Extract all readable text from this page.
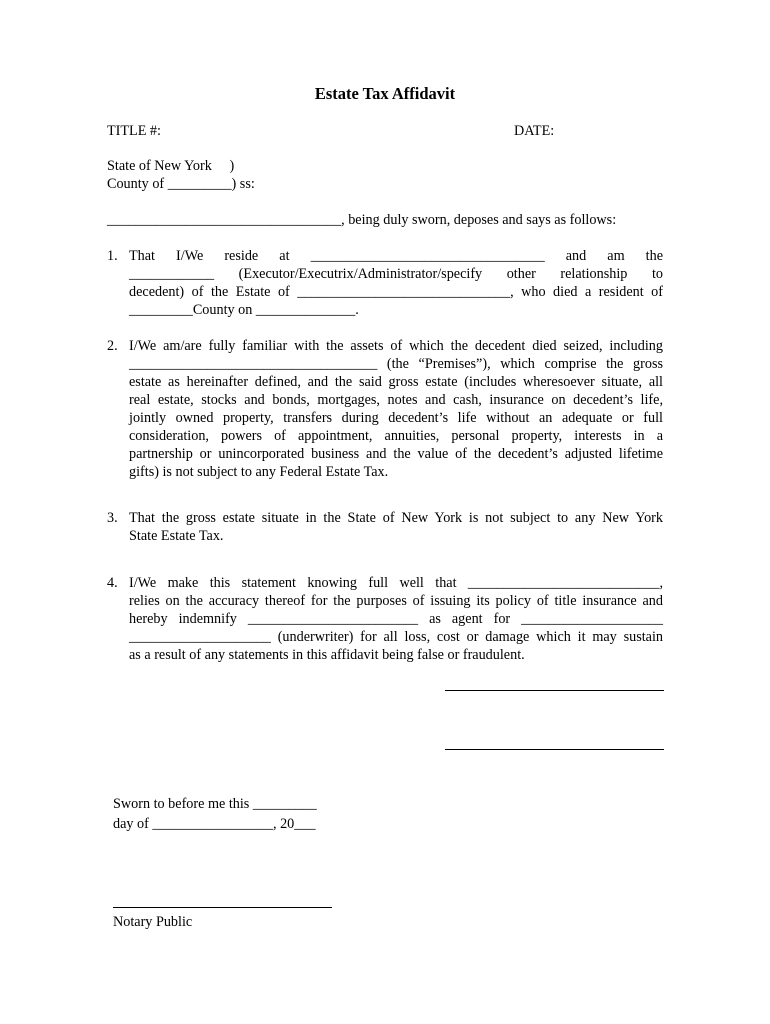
Estate Tax Affidavit
TITLE #:	DATE:
State of New York     )
County of _________) ss:
_________________________________, being duly sworn, deposes and says as follows:
1. That I/We reside at _________________________________ and am the
____________ (Executor/Executrix/Administrator/specify other relationship to
decedent) of the Estate of ______________________________, who died a resident of
_________County on ______________.
2. I/We am/are fully familiar with the assets of which the decedent died seized, including
___________________________________ (the “Premises”), which comprise the gross
estate as hereinafter defined, and the said gross estate (includes wheresoever situate, all
real estate, stocks and bonds, mortgages, notes and cash, insurance on decedent’s life,
jointly owned property, transfers during decedent’s life without an adequate or full
consideration, powers of appointment, annuities, personal property, interests in a
partnership or unincorporated business and the value of the decedent’s adjusted lifetime
gifts) is not subject to any Federal Estate Tax.
3. That the gross estate situate in the State of New York is not subject to any New York
State Estate Tax.
4. I/We make this statement knowing full well that ___________________________,
relies on the accuracy thereof for the purposes of issuing its policy of title insurance and
hereby indemnify ________________________ as agent for ____________________
____________________ (underwriter) for all loss, cost or damage which it may sustain
as a result of any statements in this affidavit being false or fraudulent.
Sworn to before me this _________
day of _________________, 20___
Notary Public
